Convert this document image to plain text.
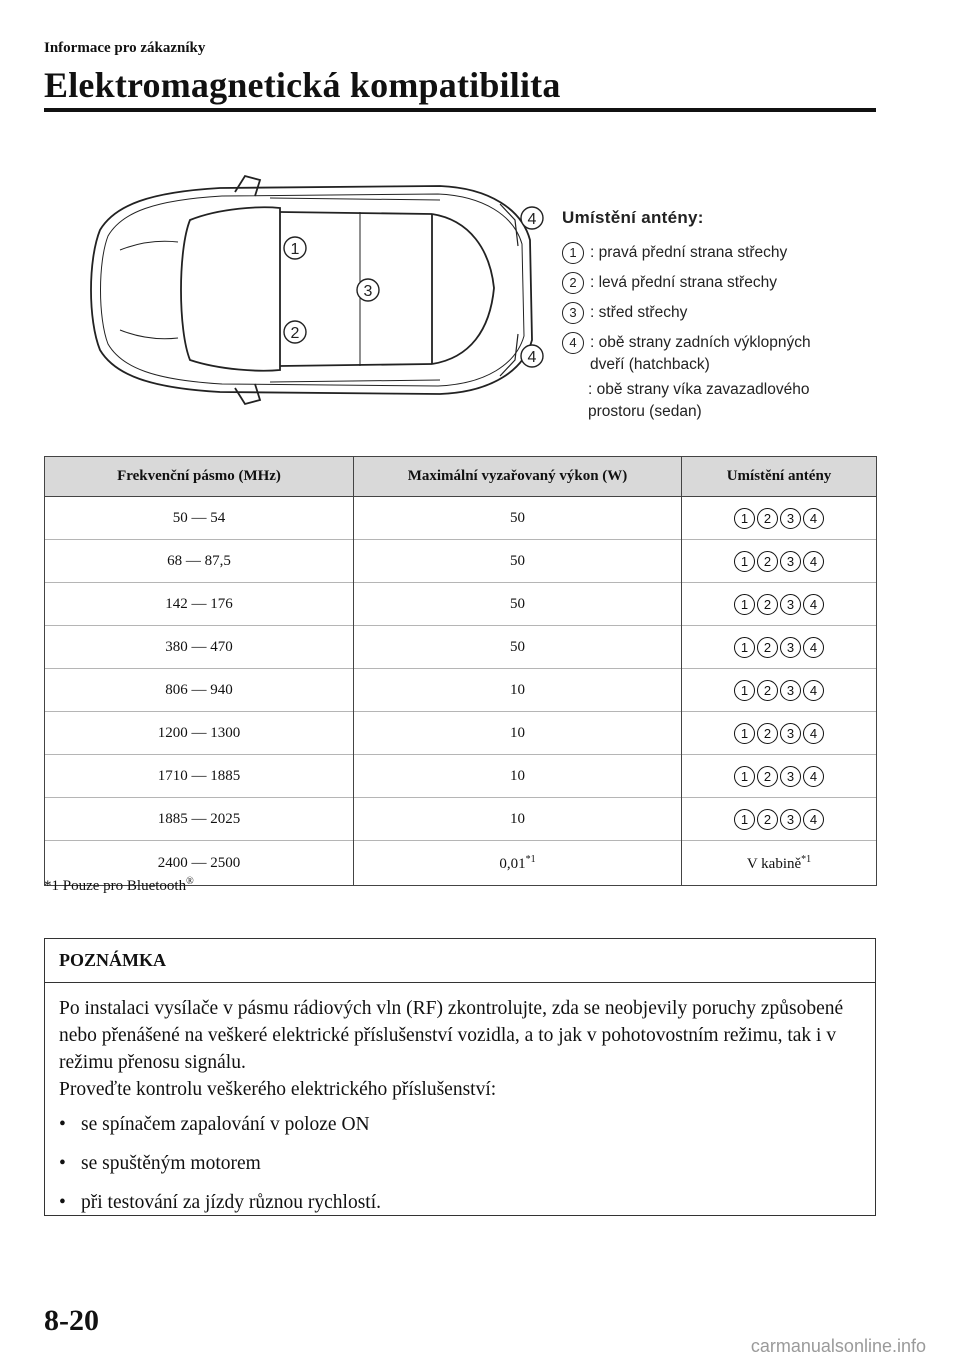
Informace pro zákazníky
Elektromagnetická kompatibilita
1
2
3
4
4
Umístění antény:
1 : pravá přední strana střechy
2 : levá přední strana střechy
3 : střed střechy
4 : obě strany zadních výklopných
dveří (hatchback)
: obě strany víka zavazadlového
prostoru (sedan)
Frekvenční pásmo (MHz)	Maximální vyzařovaný výkon (W)	Umístění antény
50 — 54	50	1 2 3 4
68 — 87,5	50	1 2 3 4
142 — 176	50	1 2 3 4
380 — 470	50	1 2 3 4
806 — 940	10	1 2 3 4
1200 — 1300	10	1 2 3 4
1710 — 1885	10	1 2 3 4
1885 — 2025	10	1 2 3 4
2400 — 2500	0,01$^{*1}$	V kabině$^{*1}$
*1 Pouze pro Bluetooth®
POZNÁMKA
Po instalaci vysílače v pásmu rádiových vln (RF) zkontrolujte, zda se neobjevily poruchy způsobené nebo přenášené na veškeré elektrické příslušenství vozidla, a to jak v pohotovostním režimu, tak i v režimu přenosu signálu.
Proveďte kontrolu veškerého elektrického příslušenství:
• se spínačem zapalování v poloze ON
• se spuštěným motorem
• při testování za jízdy různou rychlostí.
8-20
carmanualsonline.info
